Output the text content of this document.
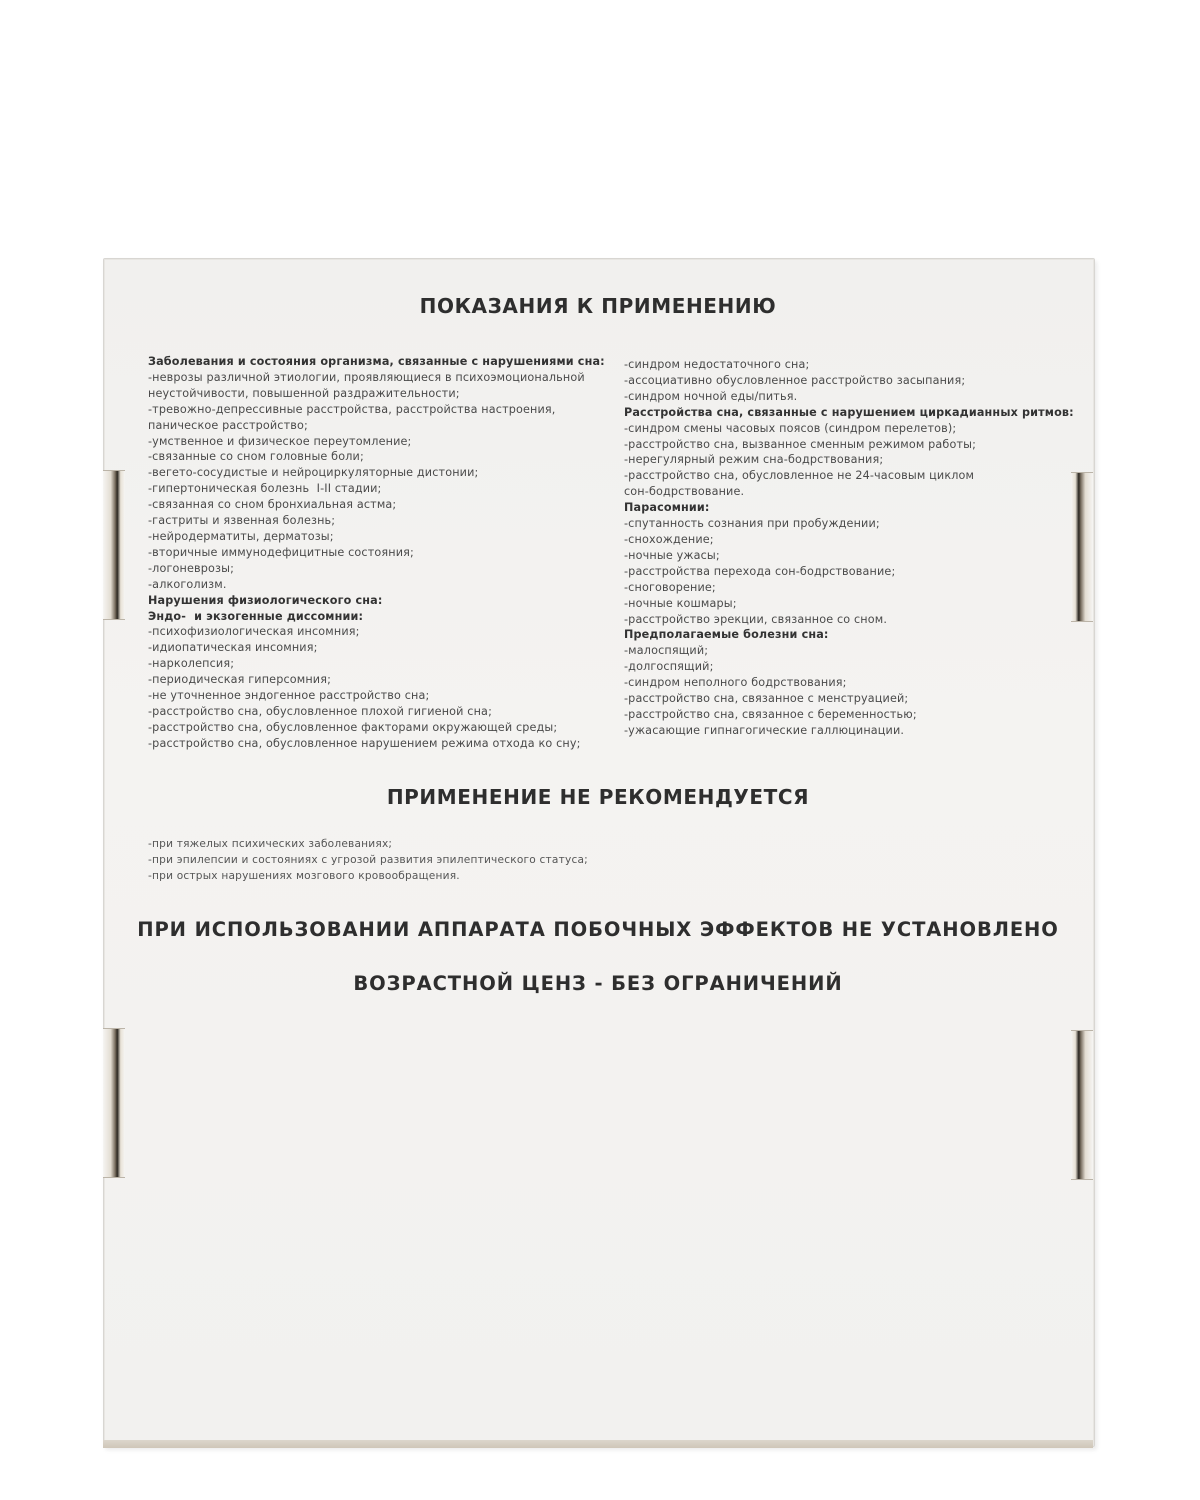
ПОКАЗАНИЯ К ПРИМЕНЕНИЮ
Заболевания и состояния организма, связанные с нарушениями сна:
-неврозы различной этиологии, проявляющиеся в психоэмоциональной
неустойчивости, повышенной раздражительности;
-тревожно-депрессивные расстройства, расстройства настроения,
паническое расстройство;
-умственное и физическое переутомление;
-связанные со сном головные боли;
-вегето-сосудистые и нейроциркуляторные дистонии;
-гипертоническая болезнь  I-II стадии;
-связанная со сном бронхиальная астма;
-гастриты и язвенная болезнь;
-нейродерматиты, дерматозы;
-вторичные иммунодефицитные состояния;
-логоневрозы;
-алкоголизм.
Нарушения физиологического сна:
Эндо-  и экзогенные диссомнии:
-психофизиологическая инсомния;
-идиопатическая инсомния;
-нарколепсия;
-периодическая гиперсомния;
-не уточненное эндогенное расстройство сна;
-расстройство сна, обусловленное плохой гигиеной сна;
-расстройство сна, обусловленное факторами окружающей среды;
-расстройство сна, обусловленное нарушением режима отхода ко сну;
-синдром недостаточного сна;
-ассоциативно обусловленное расстройство засыпания;
-синдром ночной еды/питья.
Расстройства сна, связанные с нарушением циркадианных ритмов:
-синдром смены часовых поясов (синдром перелетов);
-расстройство сна, вызванное сменным режимом работы;
-нерегулярный режим сна-бодрствования;
-расстройство сна, обусловленное не 24-часовым циклом
сон-бодрствование.
Парасомнии:
-спутанность сознания при пробуждении;
-снохождение;
-ночные ужасы;
-расстройства перехода сон-бодрствование;
-сноговорение;
-ночные кошмары;
-расстройство эрекции, связанное со сном.
Предполагаемые болезни сна:
-малоспящий;
-долгоспящий;
-синдром неполного бодрствования;
-расстройство сна, связанное с менструацией;
-расстройство сна, связанное с беременностью;
-ужасающие гипнагогические галлюцинации.
ПРИМЕНЕНИЕ НЕ РЕКОМЕНДУЕТСЯ
-при тяжелых психических заболеваниях;
-при эпилепсии и состояниях с угрозой развития эпилептического статуса;
-при острых нарушениях мозгового кровообращения.
ПРИ ИСПОЛЬЗОВАНИИ АППАРАТА ПОБОЧНЫХ ЭФФЕКТОВ НЕ УСТАНОВЛЕНО
ВОЗРАСТНОЙ ЦЕНЗ - БЕЗ ОГРАНИЧЕНИЙ
